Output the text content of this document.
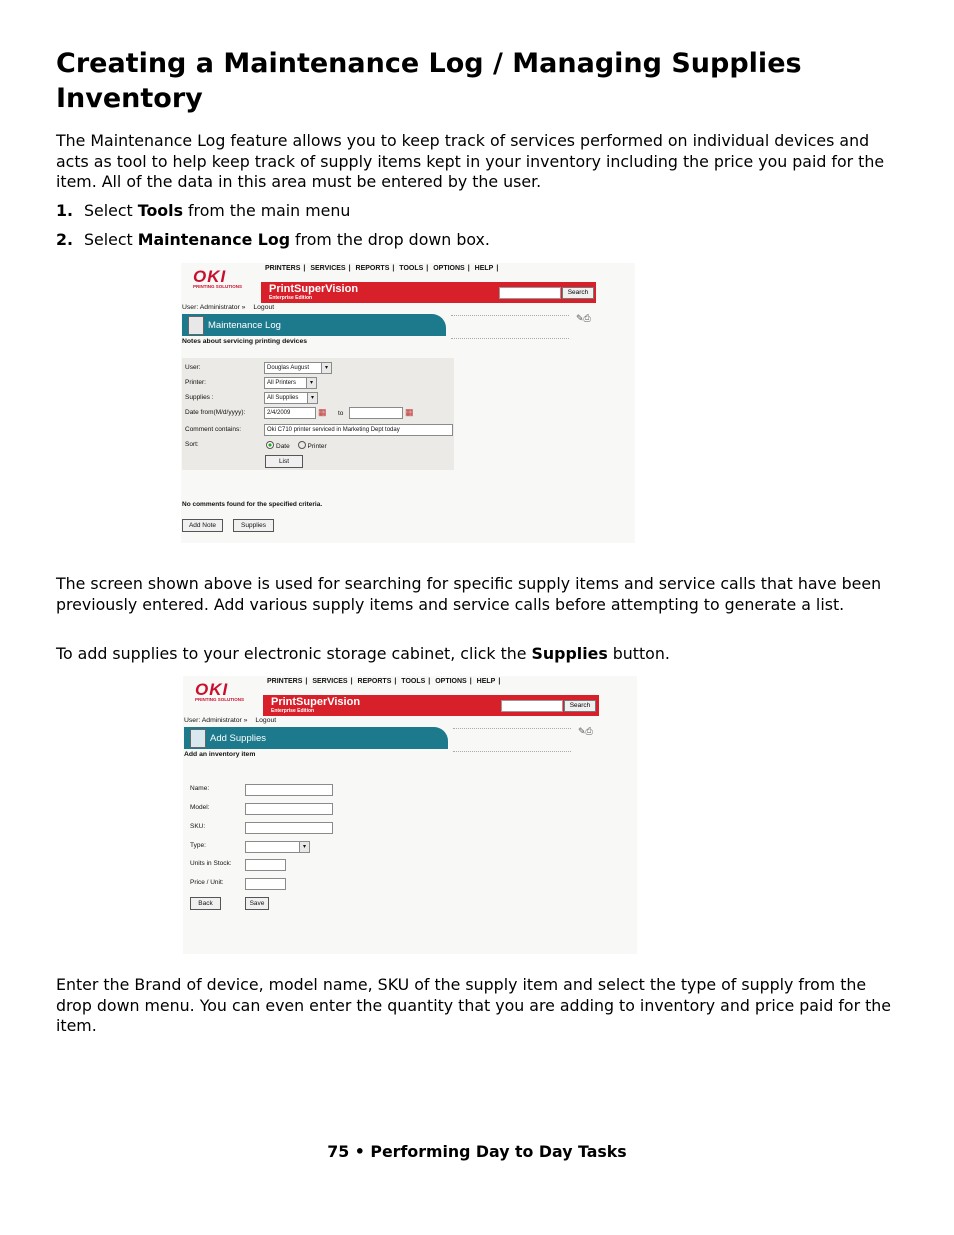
Creating a Maintenance Log / Managing Supplies Inventory

The Maintenance Log feature allows you to keep track of services performed on individual devices and acts as tool to help keep track of supply items kept in your inventory including the price you paid for the item. All of the data in this area must be entered by the user.

1. Select Tools from the main menu

2. Select Maintenance Log from the drop down box.

OKI
PRINTING SOLUTIONS
PRINTERS | SERVICES | REPORTS | TOOLS | OPTIONS | HELP |
PrintSuperVision
Enterprise Edition
Search
User: Administrator » Logout
Maintenance Log
✎⎙
Notes about servicing printing devices
User:	Douglas August	▾
Printer:	All Printers	▾
Supplies :	All Supplies	▾
Date from(M/d/yyyy):	2/4/2009	▦ to	▦
Comment contains:	Oki C710 printer serviced in Marketing Dept today
Sort:	Date	Printer
List
No comments found for the specified criteria.
Add Note	Supplies

The screen shown above is used for searching for specific supply items and service calls that have been previously entered. Add various supply items and service calls before attempting to generate a list.

To add supplies to your electronic storage cabinet, click the Supplies button.

OKI
PRINTING SOLUTIONS
PRINTERS | SERVICES | REPORTS | TOOLS | OPTIONS | HELP |
PrintSuperVision
Enterprise Edition
Search
User: Administrator » Logout
Add Supplies
✎⎙
Add an inventory item
Name:
Model:
SKU:
Type:	▾
Units in Stock:
Price / Unit:
Back	Save

Enter the Brand of device, model name, SKU of the supply item and select the type of supply from the drop down menu. You can even enter the quantity that you are adding to inventory and price paid for the item.

75 • Performing Day to Day Tasks
